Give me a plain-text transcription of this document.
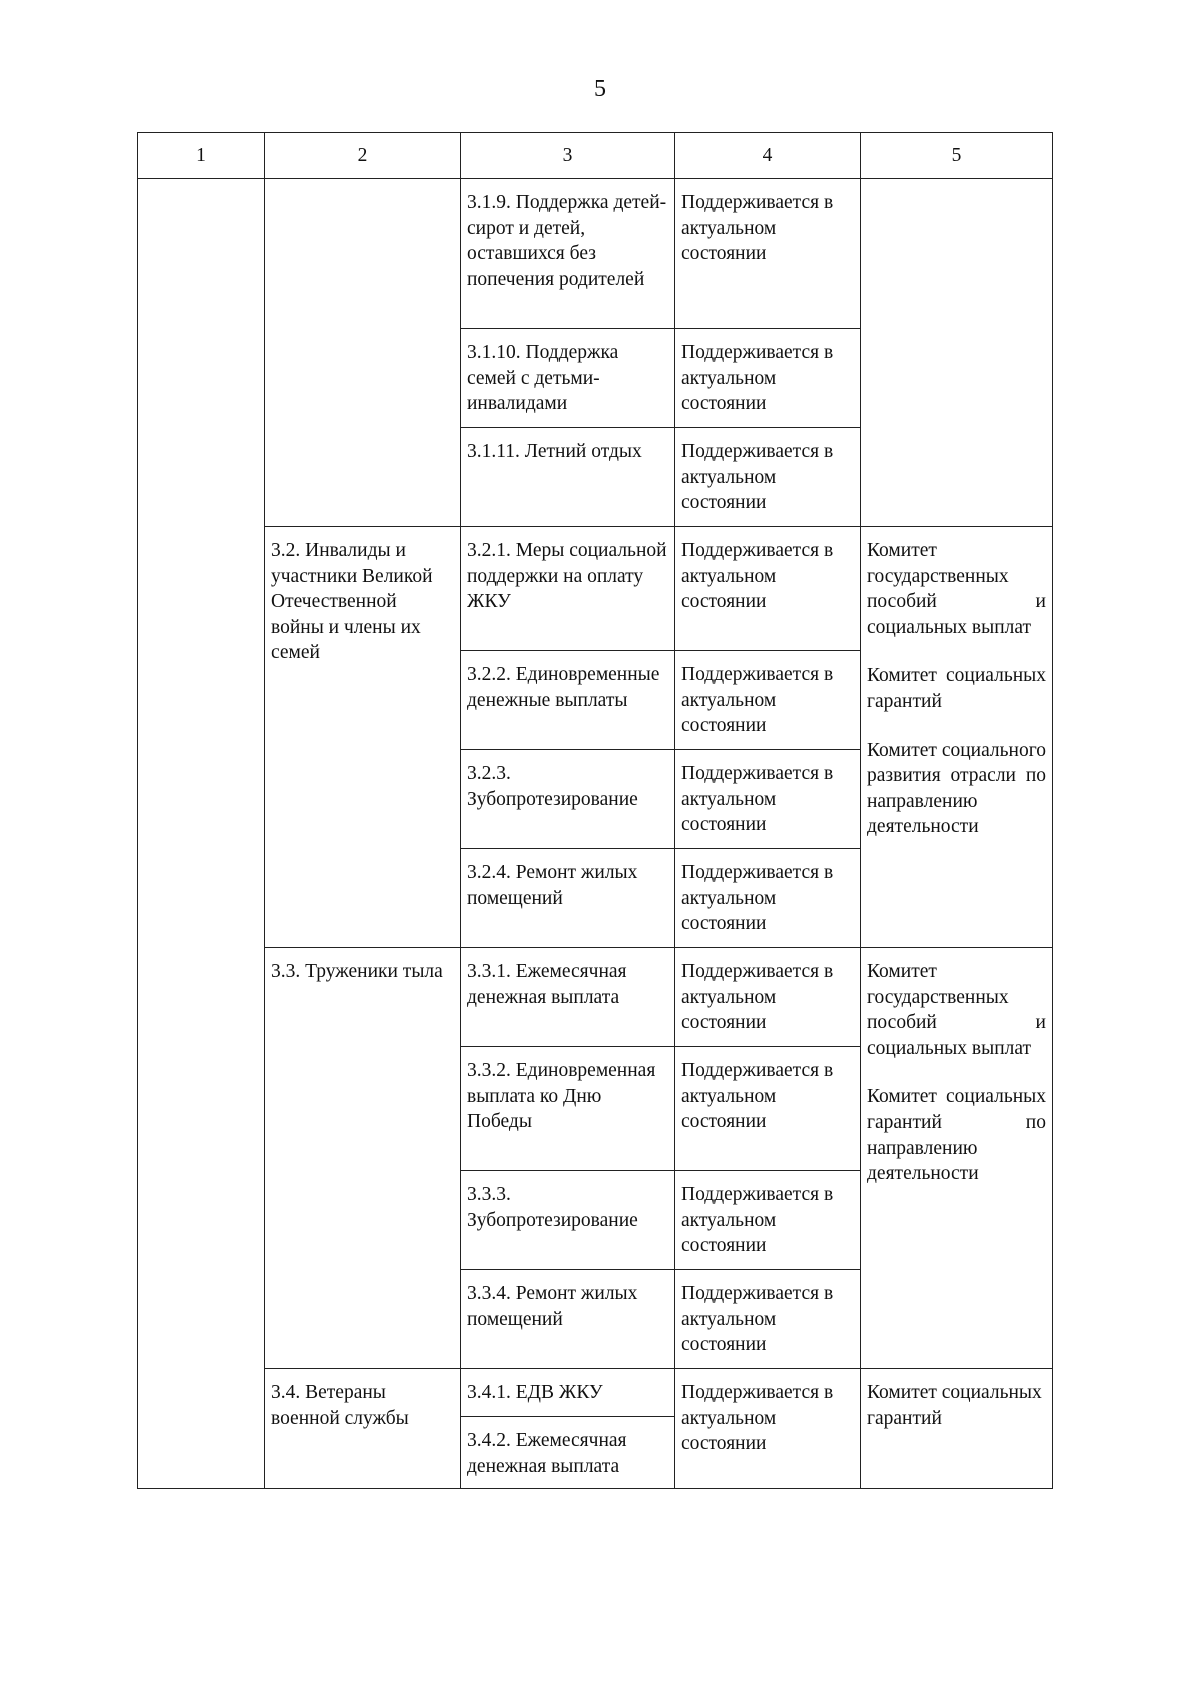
5
1	2	3	4	5
		3.1.9. Поддержка детей-сирот и детей, оставшихся без попечения родителей	Поддерживается в актуальном состоянии	
		3.1.10. Поддержка семей с детьми-инвалидами	Поддерживается в актуальном состоянии	
		3.1.11. Летний отдых	Поддерживается в актуальном состоянии	
	3.2. Инвалиды и участники Великой Отечественной войны и члены их семей	3.2.1. Меры социальной поддержки на оплату ЖКУ	Поддерживается в актуальном состоянии	Комитет государственных пособий и социальных выплат
Комитет социальных гарантий
Комитет социального развития отрасли по направлению деятельности

		3.2.2. Единовременные денежные выплаты	Поддерживается в актуальном состоянии	
		3.2.3. Зубопротезирование	Поддерживается в актуальном состоянии	
		3.2.4. Ремонт жилых помещений	Поддерживается в актуальном состоянии	
	3.3. Труженики тыла	3.3.1. Ежемесячная денежная выплата	Поддерживается в актуальном состоянии	Комитет государственных пособий и социальных выплат
Комитет социальных гарантий по направлению деятельности

		3.3.2. Единовременная выплата ко Дню Победы	Поддерживается в актуальном состоянии	
		3.3.3. Зубопротезирование	Поддерживается в актуальном состоянии	
		3.3.4. Ремонт жилых помещений	Поддерживается в актуальном состоянии	
	3.4. Ветераны военной службы	3.4.1. ЕДВ ЖКУ	Поддерживается в актуальном состоянии	Комитет социальных гарантий
		3.4.2. Ежемесячная денежная выплата		
